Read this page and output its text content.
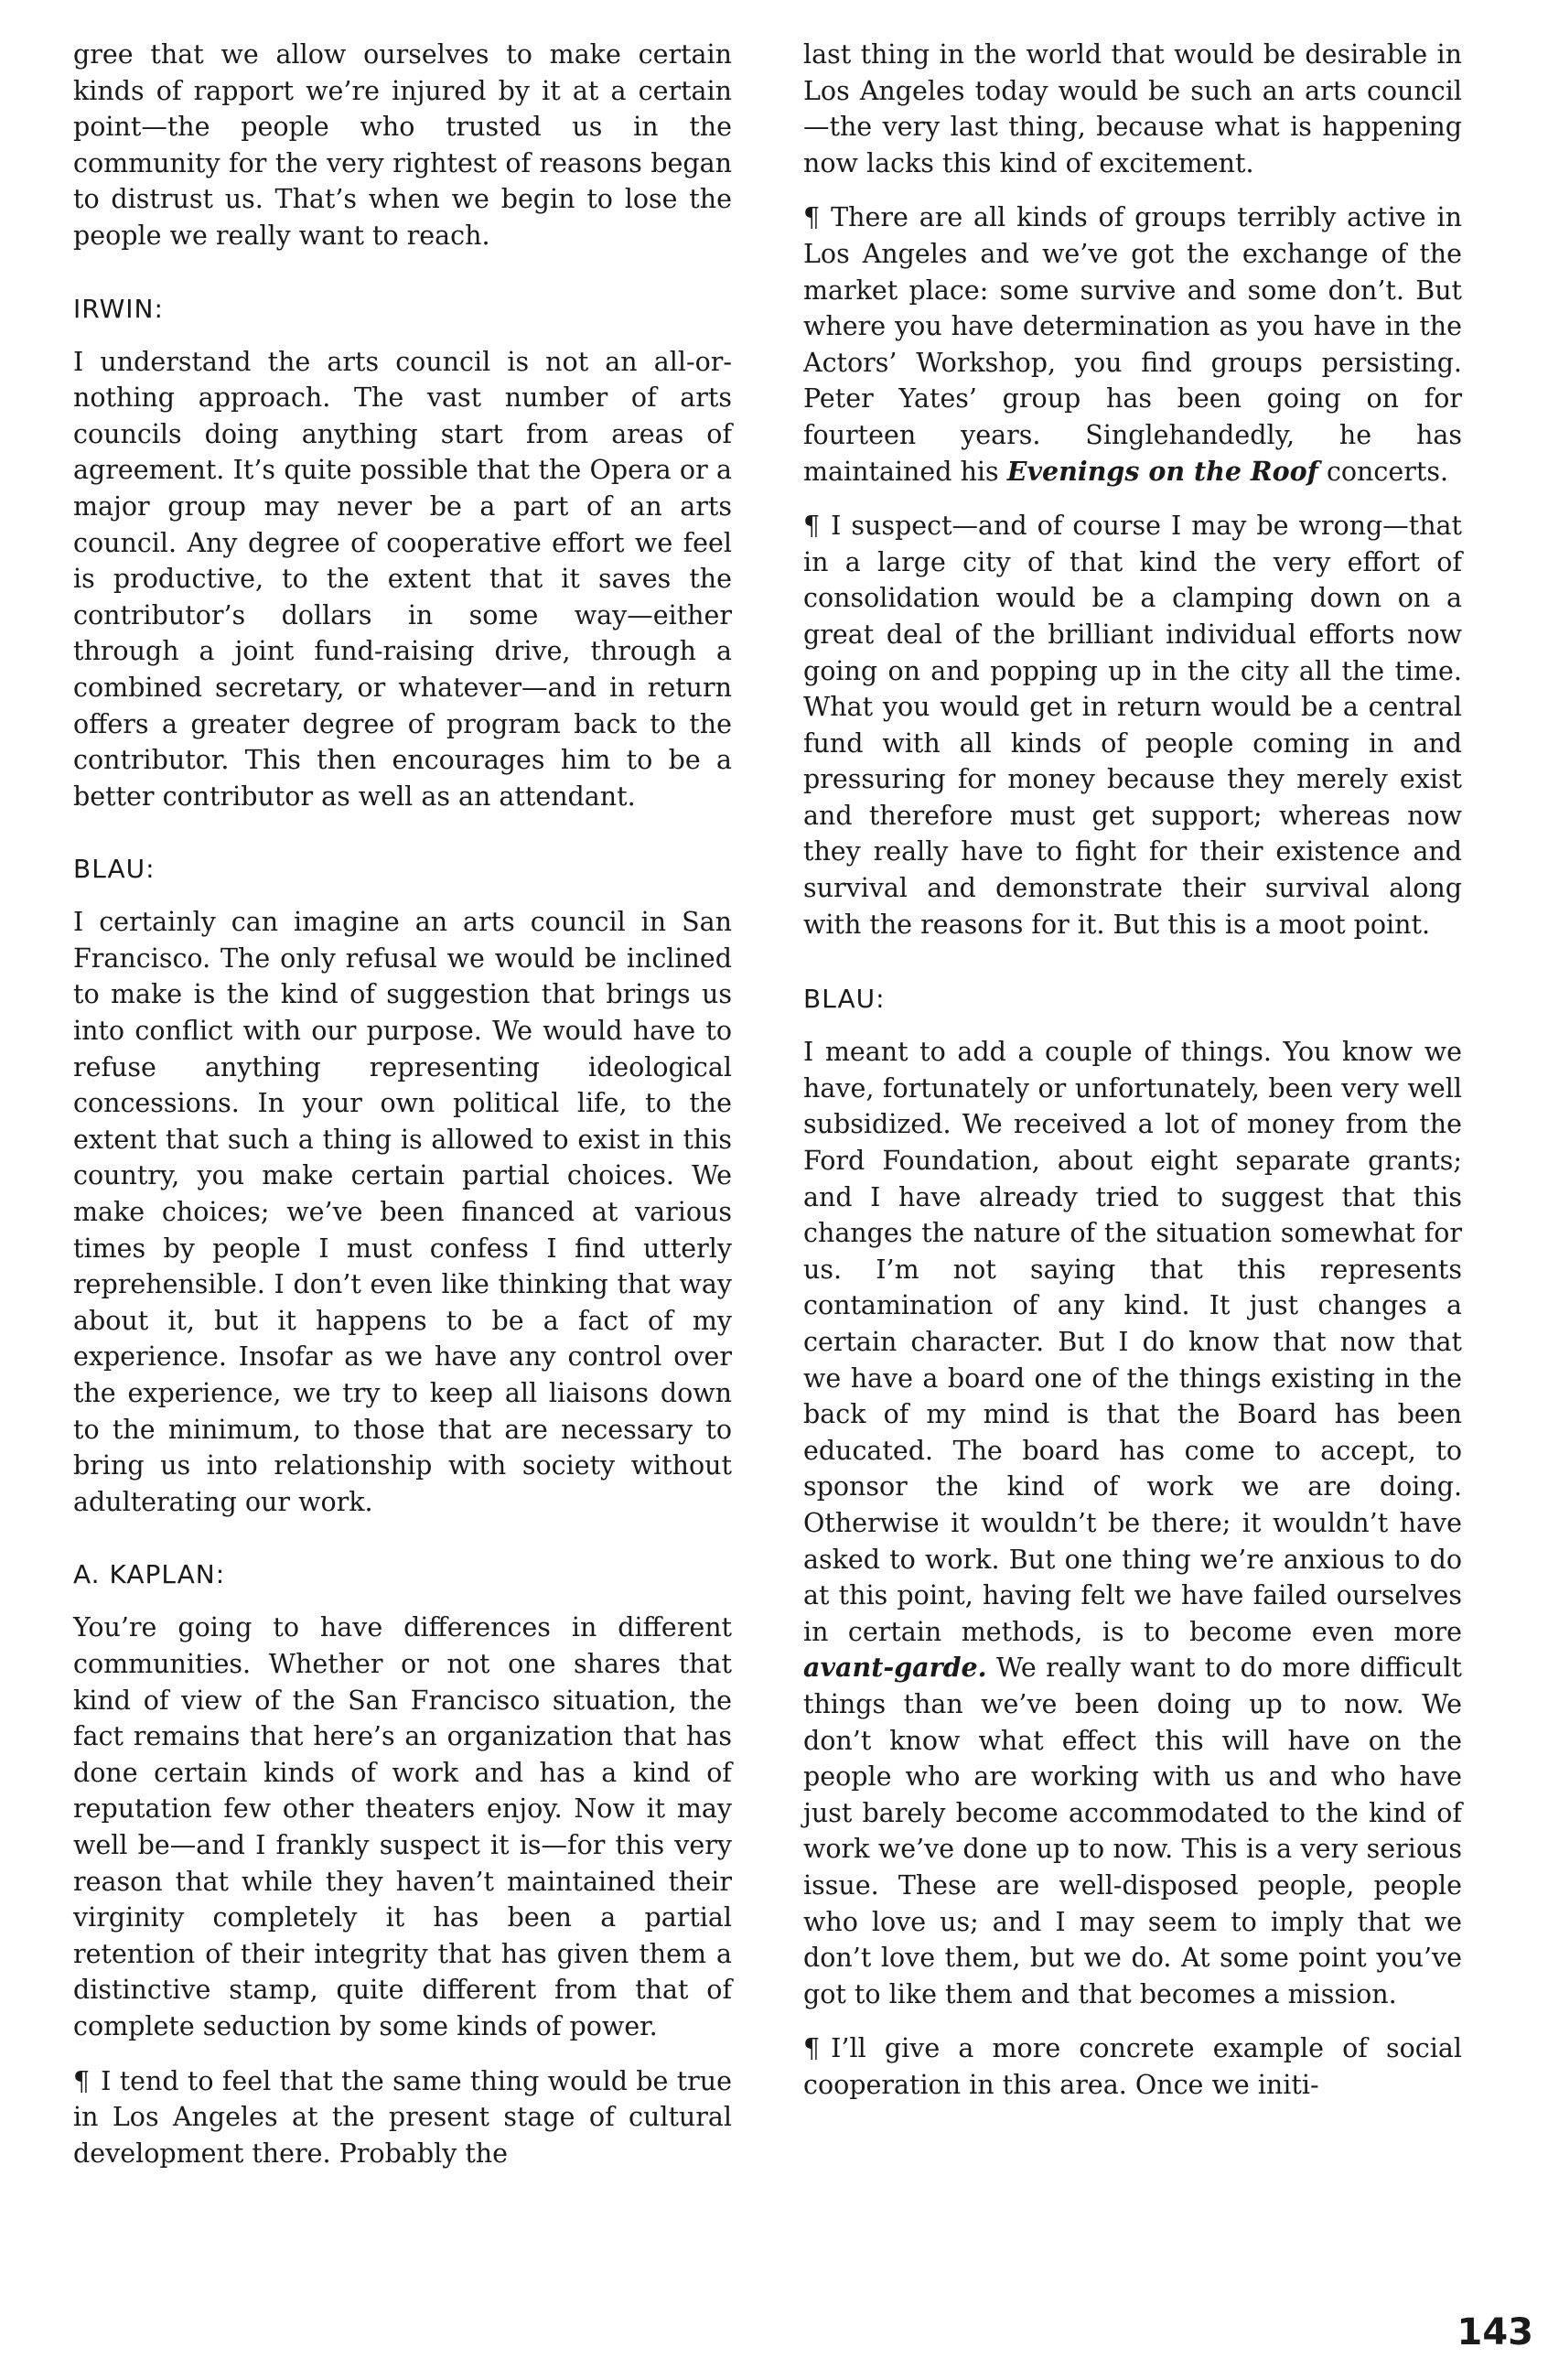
gree that we allow ourselves to make certain kinds of rapport we’re injured by it at a certain point—the people who trusted us in the community for the very rightest of reasons began to distrust us. That’s when we begin to lose the people we really want to reach.

IRWIN:

I understand the arts council is not an all-or-nothing approach. The vast number of arts councils doing anything start from areas of agreement. It’s quite possible that the Opera or a major group may never be a part of an arts council. Any degree of cooperative effort we feel is productive, to the extent that it saves the contributor’s dollars in some way—either through a joint fund-raising drive, through a combined secretary, or whatever—and in return offers a greater degree of program back to the contributor. This then encourages him to be a better contributor as well as an attendant.

BLAU:

I certainly can imagine an arts council in San Francisco. The only refusal we would be inclined to make is the kind of suggestion that brings us into conflict with our purpose. We would have to refuse anything representing ideological concessions. In your own political life, to the extent that such a thing is allowed to exist in this country, you make certain partial choices. We make choices; we’ve been financed at various times by people I must confess I find utterly reprehensible. I don’t even like thinking that way about it, but it happens to be a fact of my experience. Insofar as we have any control over the experience, we try to keep all liaisons down to the minimum, to those that are necessary to bring us into relationship with society without adulterating our work.

A. KAPLAN:

You’re going to have differences in different communities. Whether or not one shares that kind of view of the San Francisco situation, the fact remains that here’s an organization that has done certain kinds of work and has a kind of reputation few other theaters enjoy. Now it may well be—and I frankly suspect it is—for this very reason that while they haven’t maintained their virginity completely it has been a partial retention of their integrity that has given them a distinctive stamp, quite different from that of complete seduction by some kinds of power.

¶ I tend to feel that the same thing would be true in Los Angeles at the present stage of cultural development there. Probably the

last thing in the world that would be desirable in Los Angeles today would be such an arts council—the very last thing, because what is happening now lacks this kind of excitement.

¶ There are all kinds of groups terribly active in Los Angeles and we’ve got the exchange of the market place: some survive and some don’t. But where you have determination as you have in the Actors’ Workshop, you find groups persisting. Peter Yates’ group has been going on for fourteen years. Singlehandedly, he has maintained his Evenings on the Roof concerts.

¶ I suspect—and of course I may be wrong—that in a large city of that kind the very effort of consolidation would be a clamping down on a great deal of the brilliant individual efforts now going on and popping up in the city all the time. What you would get in return would be a central fund with all kinds of people coming in and pressuring for money because they merely exist and therefore must get support; whereas now they really have to fight for their existence and survival and demonstrate their survival along with the reasons for it. But this is a moot point.

BLAU:

I meant to add a couple of things. You know we have, fortunately or unfortunately, been very well subsidized. We received a lot of money from the Ford Foundation, about eight separate grants; and I have already tried to suggest that this changes the nature of the situation somewhat for us. I’m not saying that this represents contamination of any kind. It just changes a certain character. But I do know that now that we have a board one of the things existing in the back of my mind is that the Board has been educated. The board has come to accept, to sponsor the kind of work we are doing. Otherwise it wouldn’t be there; it wouldn’t have asked to work. But one thing we’re anxious to do at this point, having felt we have failed ourselves in certain methods, is to become even more avant-garde. We really want to do more difficult things than we’ve been doing up to now. We don’t know what effect this will have on the people who are working with us and who have just barely become accommodated to the kind of work we’ve done up to now. This is a very serious issue. These are well-disposed people, people who love us; and I may seem to imply that we don’t love them, but we do. At some point you’ve got to like them and that becomes a mission.

¶ I’ll give a more concrete example of social cooperation in this area. Once we initi-

143
